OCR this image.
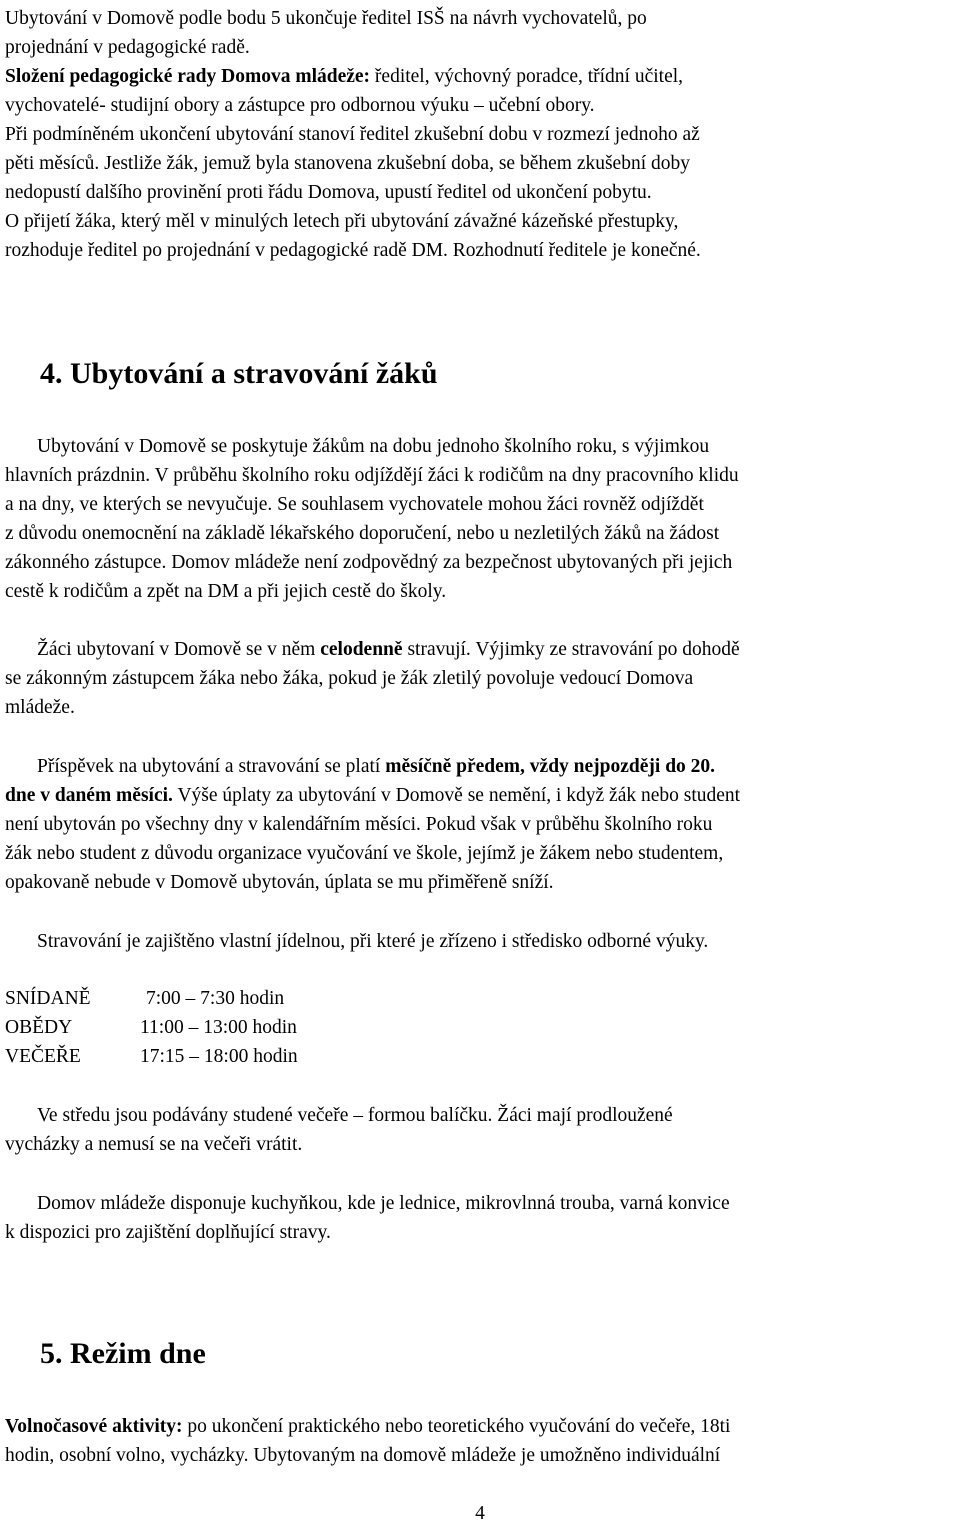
Ubytování v Domově podle bodu 5 ukončuje ředitel ISŠ na návrh vychovatelů, po
projednání v pedagogické radě.
Složení pedagogické rady Domova mládeže: ředitel, výchovný poradce, třídní učitel,
vychovatelé- studijní obory a zástupce pro odbornou výuku – učební obory.
Při podmíněném ukončení ubytování stanoví ředitel zkušební dobu v rozmezí jednoho až
pěti měsíců. Jestliže žák, jemuž byla stanovena zkušební doba, se během zkušební doby
nedopustí dalšího provinění proti řádu Domova, upustí ředitel od ukončení pobytu.
O přijetí žáka, který měl v minulých letech při ubytování závažné kázeňské přestupky,
rozhoduje ředitel po projednání v pedagogické radě DM. Rozhodnutí ředitele je konečné.
4. Ubytování a stravování žáků
Ubytování v Domově se poskytuje žákům na dobu jednoho školního roku, s výjimkou
hlavních prázdnin. V průběhu školního roku odjíždějí žáci k rodičům na dny pracovního klidu
a na dny, ve kterých se nevyučuje. Se souhlasem vychovatele mohou žáci rovněž odjíždět
z důvodu onemocnění na základě lékařského doporučení, nebo u nezletilých žáků na žádost
zákonného zástupce. Domov mládeže není zodpovědný za bezpečnost ubytovaných při jejich
cestě k rodičům a zpět na DM a při jejich cestě do školy.
Žáci ubytovaní v Domově se v něm celodenně stravují. Výjimky ze stravování po dohodě
se zákonným zástupcem žáka nebo žáka, pokud je žák zletilý povoluje vedoucí Domova
mládeže.
Příspěvek na ubytování a stravování se platí měsíčně předem, vždy nejpozději do 20.
dne v daném měsíci. Výše úplaty za ubytování v Domově se nemění, i když žák nebo student
není ubytován po všechny dny v kalendářním měsíci. Pokud však v průběhu školního roku
žák nebo student z důvodu organizace vyučování ve škole, jejímž je žákem nebo studentem,
opakovaně nebude v Domově ubytován, úplata se mu přiměřeně sníží.
Stravování je zajištěno vlastní jídelnou, při které je zřízeno i středisko odborné výuky.
SNÍDANĚ	7:00 – 7:30 hodin
OBĚDY	11:00 – 13:00 hodin
VEČEŘE	17:15 – 18:00 hodin
Ve středu jsou podávány studené večeře – formou balíčku. Žáci mají prodloužené
vycházky a nemusí se na večeři vrátit.
Domov mládeže disponuje kuchyňkou, kde je lednice, mikrovlnná trouba, varná konvice
k dispozici pro zajištění doplňující stravy.
5. Režim dne
Volnočasové aktivity: po ukončení praktického nebo teoretického vyučování do večeře, 18ti
hodin, osobní volno, vycházky. Ubytovaným na domově mládeže je umožněno individuální
4
